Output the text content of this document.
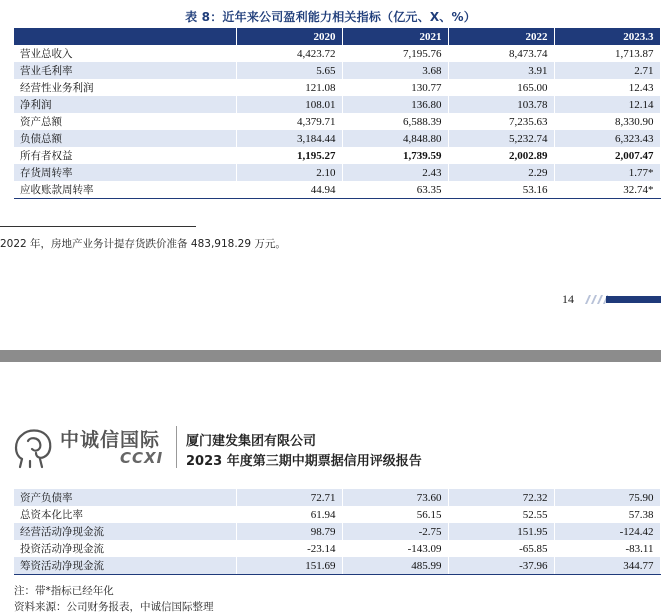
表 8：近年来公司盈利能力相关指标（亿元、X、%）
	2020	2021	2022	2023.3
营业总收入	4,423.72	7,195.76	8,473.74	1,713.87
营业毛利率	5.65	3.68	3.91	2.71
经营性业务利润	121.08	130.77	165.00	12.43
净利润	108.01	136.80	103.78	12.14
资产总额	4,379.71	6,588.39	7,235.63	8,330.90
负债总额	3,184.44	4,848.80	5,232.74	6,323.43
所有者权益	1,195.27	1,739.59	2,002.89	2,007.47
存货周转率	2.10	2.43	2.29	1.77*
应收账款周转率	44.94	63.35	53.16	32.74*
2022 年，房地产业务计提存货跌价准备 483,918.29 万元。
14
中诚信国际
CCXI
厦门建发集团有限公司
2023 年度第三期中期票据信用评级报告
资产负债率	72.71	73.60	72.32	75.90
总资本化比率	61.94	56.15	52.55	57.38
经营活动净现金流	98.79	-2.75	151.95	-124.42
投资活动净现金流	-23.14	-143.09	-65.85	-83.11
筹资活动净现金流	151.69	485.99	-37.96	344.77
注：带*指标已经年化
资料来源：公司财务报表，中诚信国际整理
